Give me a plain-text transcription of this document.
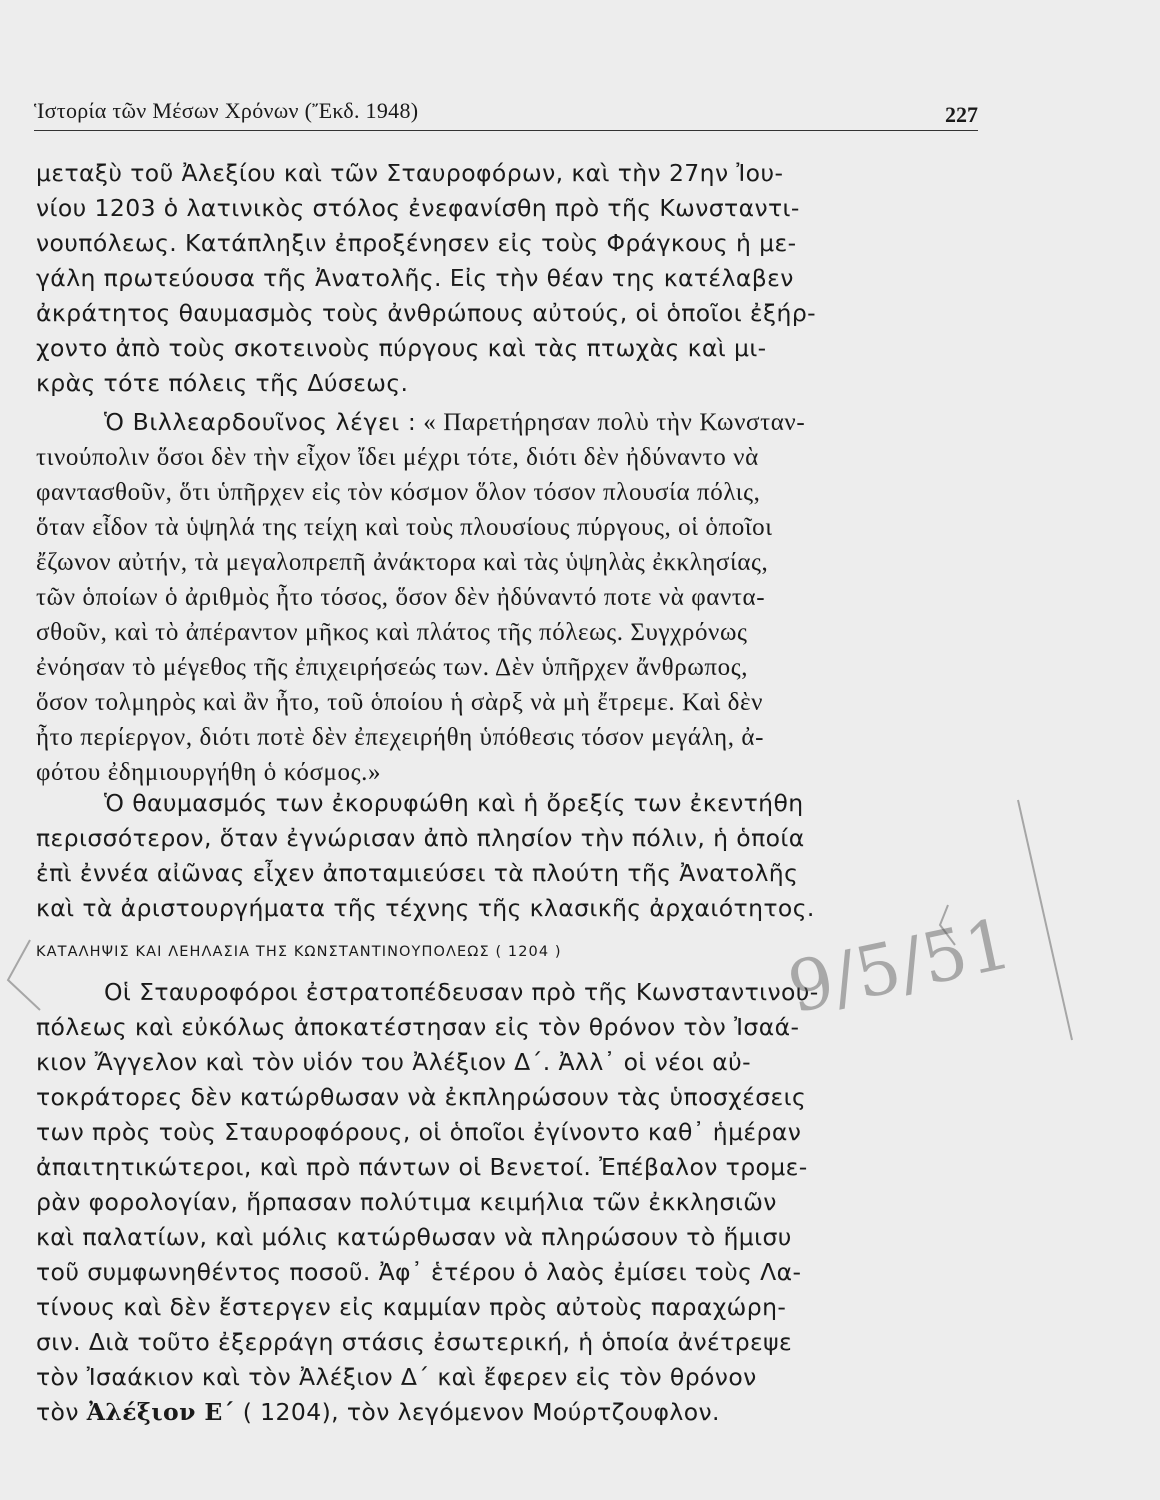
Ἱστορία τῶν Μέσων Χρόνων (Ἔκδ. 1948)	227
μεταξὺ τοῦ Ἀλεξίου καὶ τῶν Σταυροφόρων, καὶ τὴν 27ην Ἰου-
νίου 1203 ὁ λατινικὸς στόλος ἐνεφανίσθη πρὸ τῆς Κωνσταντι-
νουπόλεως. Κατάπληξιν ἐπροξένησεν εἰς τοὺς Φράγκους ἡ με-
γάλη πρωτεύουσα τῆς Ἀνατολῆς. Εἰς τὴν θέαν της κατέλαβεν
ἀκράτητος θαυμασμὸς τοὺς ἀνθρώπους αὐτούς, οἱ ὁποῖοι ἐξήρ-
χοντο ἀπὸ τοὺς σκοτεινοὺς πύργους καὶ τὰς πτωχὰς καὶ μι-
κρὰς τότε πόλεις τῆς Δύσεως.
Ὁ Βιλλεαρδουῖνος λέγει : « Παρετήρησαν πολὺ τὴν Κωνσταν-
τινούπολιν ὅσοι δὲν τὴν εἶχον ἴδει μέχρι τότε, διότι δὲν ἠδύναντο νὰ
φαντασθοῦν, ὅτι ὑπῆρχεν εἰς τὸν κόσμον ὅλον τόσον πλουσία πόλις,
ὅταν εἶδον τὰ ὑψηλά της τείχη καὶ τοὺς πλουσίους πύργους, οἱ ὁποῖοι
ἔζωνον αὐτήν, τὰ μεγαλοπρεπῆ ἀνάκτορα καὶ τὰς ὑψηλὰς ἐκκλησίας,
τῶν ὁποίων ὁ ἀριθμὸς ἦτο τόσος, ὅσον δὲν ἠδύναντό ποτε νὰ φαντα-
σθοῦν, καὶ τὸ ἀπέραντον μῆκος καὶ πλάτος τῆς πόλεως. Συγχρόνως
ἐνόησαν τὸ μέγεθος τῆς ἐπιχειρήσεώς των. Δὲν ὑπῆρχεν ἄνθρωπος,
ὅσον τολμηρὸς καὶ ἂν ἦτο, τοῦ ὁποίου ἡ σὰρξ νὰ μὴ ἔτρεμε. Καὶ δὲν
ἦτο περίεργον, διότι ποτὲ δὲν ἐπεχειρήθη ὑπόθεσις τόσον μεγάλη, ἀ-
φότου ἐδημιουργήθη ὁ κόσμος.»
Ὁ θαυμασμός των ἐκορυφώθη καὶ ἡ ὄρεξίς των ἐκεντήθη
περισσότερον, ὅταν ἐγνώρισαν ἀπὸ πλησίον τὴν πόλιν, ἡ ὁποία
ἐπὶ ἐννέα αἰῶνας εἶχεν ἀποταμιεύσει τὰ πλούτη τῆς Ἀνατολῆς
καὶ τὰ ἀριστουργήματα τῆς τέχνης τῆς κλασικῆς ἀρχαιότητος.
ΚΑΤΑΛΗΨΙΣ ΚΑΙ ΛΕΗΛΑΣΙΑ ΤΗΣ ΚΩΝΣΤΑΝΤΙΝΟΥΠΟΛΕΩΣ ( 1204 )
Οἱ Σταυροφόροι ἐστρατοπέδευσαν πρὸ τῆς Κωνσταντινου-
πόλεως καὶ εὐκόλως ἀποκατέστησαν εἰς τὸν θρόνον τὸν Ἰσαά-
κιον Ἄγγελον καὶ τὸν υἱόν του Ἀλέξιον Δ΄. Ἀλλ᾿ οἱ νέοι αὐ-
τοκράτορες δὲν κατώρθωσαν νὰ ἐκπληρώσουν τὰς ὑποσχέσεις
των πρὸς τοὺς Σταυροφόρους, οἱ ὁποῖοι ἐγίνοντο καθ᾿ ἡμέραν
ἀπαιτητικώτεροι, καὶ πρὸ πάντων οἱ Βενετοί. Ἐπέβαλον τρομε-
ρὰν φορολογίαν, ἥρπασαν πολύτιμα κειμήλια τῶν ἐκκλησιῶν
καὶ παλατίων, καὶ μόλις κατώρθωσαν νὰ πληρώσουν τὸ ἥμισυ
τοῦ συμφωνηθέντος ποσοῦ. Ἀφ᾿ ἑτέρου ὁ λαὸς ἐμίσει τοὺς Λα-
τίνους καὶ δὲν ἔστεργεν εἰς καμμίαν πρὸς αὐτοὺς παραχώρη-
σιν. Διὰ τοῦτο ἐξερράγη στάσις ἐσωτερική, ἡ ὁποία ἀνέτρεψε
τὸν Ἰσαάκιον καὶ τὸν Ἀλέξιον Δ΄ καὶ ἔφερεν εἰς τὸν θρόνον
τὸν Ἀλέξιον Ε΄ ( 1204), τὸν λεγόμενον Μούρτζουφλον.
9/5/51
